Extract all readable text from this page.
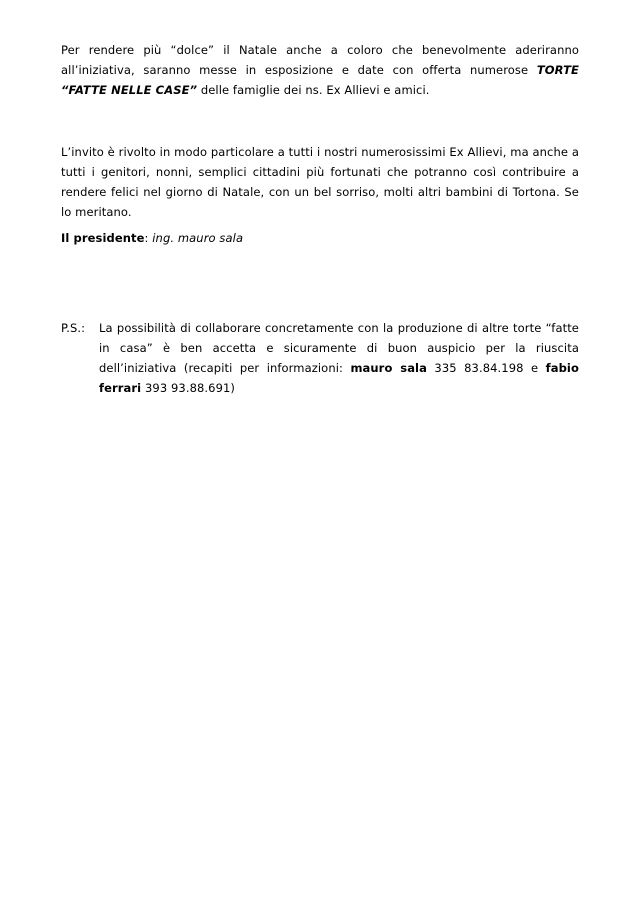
Per rendere più “dolce” il Natale anche a coloro che benevolmente aderiranno all’iniziativa, saranno messe in esposizione e date con offerta numerose TORTE “FATTE NELLE CASE” delle famiglie dei ns. Ex Allievi e amici.

L’invito è rivolto in modo particolare a tutti i nostri numerosissimi Ex Allievi, ma anche a tutti i genitori, nonni, semplici cittadini più fortunati che potranno così contribuire a rendere felici nel giorno di Natale, con un bel sorriso, molti altri bambini di Tortona. Se lo meritano.

Il presidente: ing. mauro sala

P.S.:	La possibilità di collaborare concretamente con la produzione di altre torte “fatte in casa” è ben accetta e sicuramente di buon auspicio per la riuscita dell’iniziativa (recapiti per informazioni: mauro sala 335 83.84.198 e fabio ferrari 393 93.88.691)
